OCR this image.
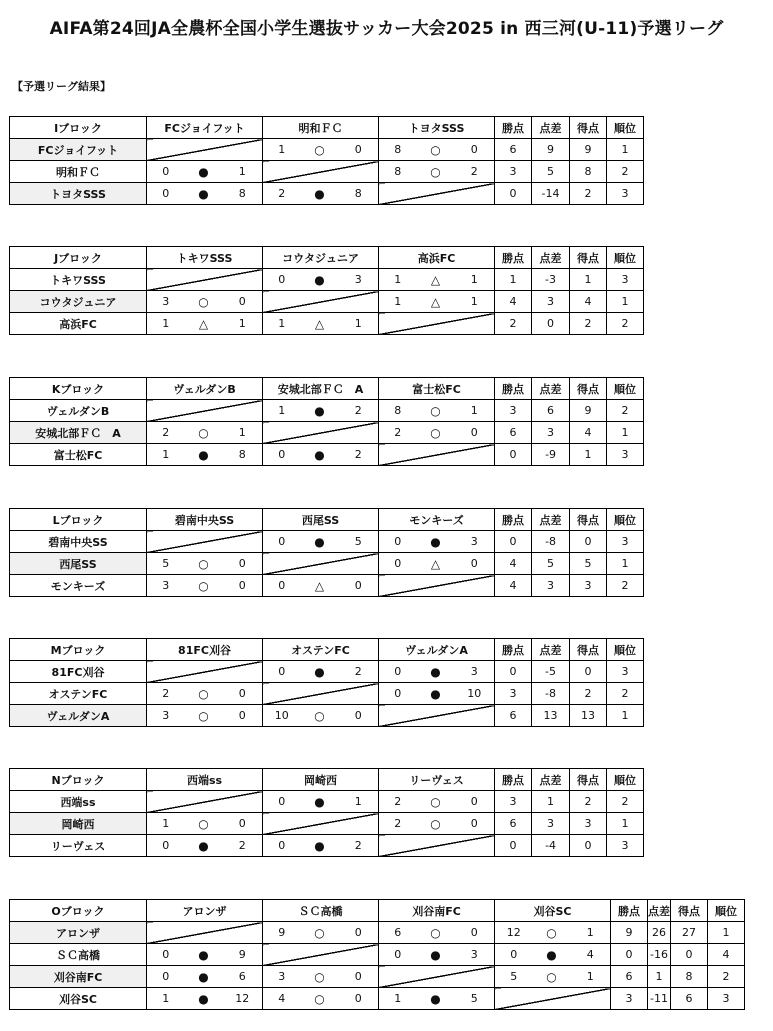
AIFA第24回JA全農杯全国小学生選抜サッカー大会2025 in 西三河(U-11)予選リーグ
【予選リーグ結果】
Iブロック	FCジョイフット			明和ＦＣ			トヨタSSS			勝点	点差	得点	順位
FCジョイフット				1	○	0	8	○	0	6	9	9	1
明和ＦＣ	0	●	1				8	○	2	3	5	8	2
トヨタSSS	0	●	8	2	●	8				0	-14	2	3
Jブロック	トキワSSS			コウタジュニア			高浜FC			勝点	点差	得点	順位
トキワSSS				0	●	3	1	△	1	1	-3	1	3
コウタジュニア	3	○	0				1	△	1	4	3	4	1
高浜FC	1	△	1	1	△	1				2	0	2	2
Kブロック	ヴェルダンB			安城北部ＦＣ　A			富士松FC			勝点	点差	得点	順位
ヴェルダンB				1	●	2	8	○	1	3	6	9	2
安城北部ＦＣ　A	2	○	1				2	○	0	6	3	4	1
富士松FC	1	●	8	0	●	2				0	-9	1	3
Lブロック	碧南中央SS			西尾SS			モンキーズ			勝点	点差	得点	順位
碧南中央SS				0	●	5	0	●	3	0	-8	0	3
西尾SS	5	○	0				0	△	0	4	5	5	1
モンキーズ	3	○	0	0	△	0				4	3	3	2
Mブロック	81FC刈谷			オステンFC			ヴェルダンA			勝点	点差	得点	順位
81FC刈谷				0	●	2	0	●	3	0	-5	0	3
オステンFC	2	○	0				0	●	10	3	-8	2	2
ヴェルダンA	3	○	0	10	○	0				6	13	13	1
Nブロック	西端ss			岡崎西			リーヴェス			勝点	点差	得点	順位
西端ss				0	●	1	2	○	0	3	1	2	2
岡崎西	1	○	0				2	○	0	6	3	3	1
リーヴェス	0	●	2	0	●	2				0	-4	0	3
Oブロック	アロンザ			ＳＣ高橋			刈谷南FC			刈谷SC			勝点	点差	得点	順位
アロンザ				9	○	0	6	○	0	12	○	1	9	26	27	1
ＳＣ高橋	0	●	9				0	●	3	0	●	4	0	-16	0	4
刈谷南FC	0	●	6	3	○	0				5	○	1	6	1	8	2
刈谷SC	1	●	12	4	○	0	1	●	5				3	-11	6	3
